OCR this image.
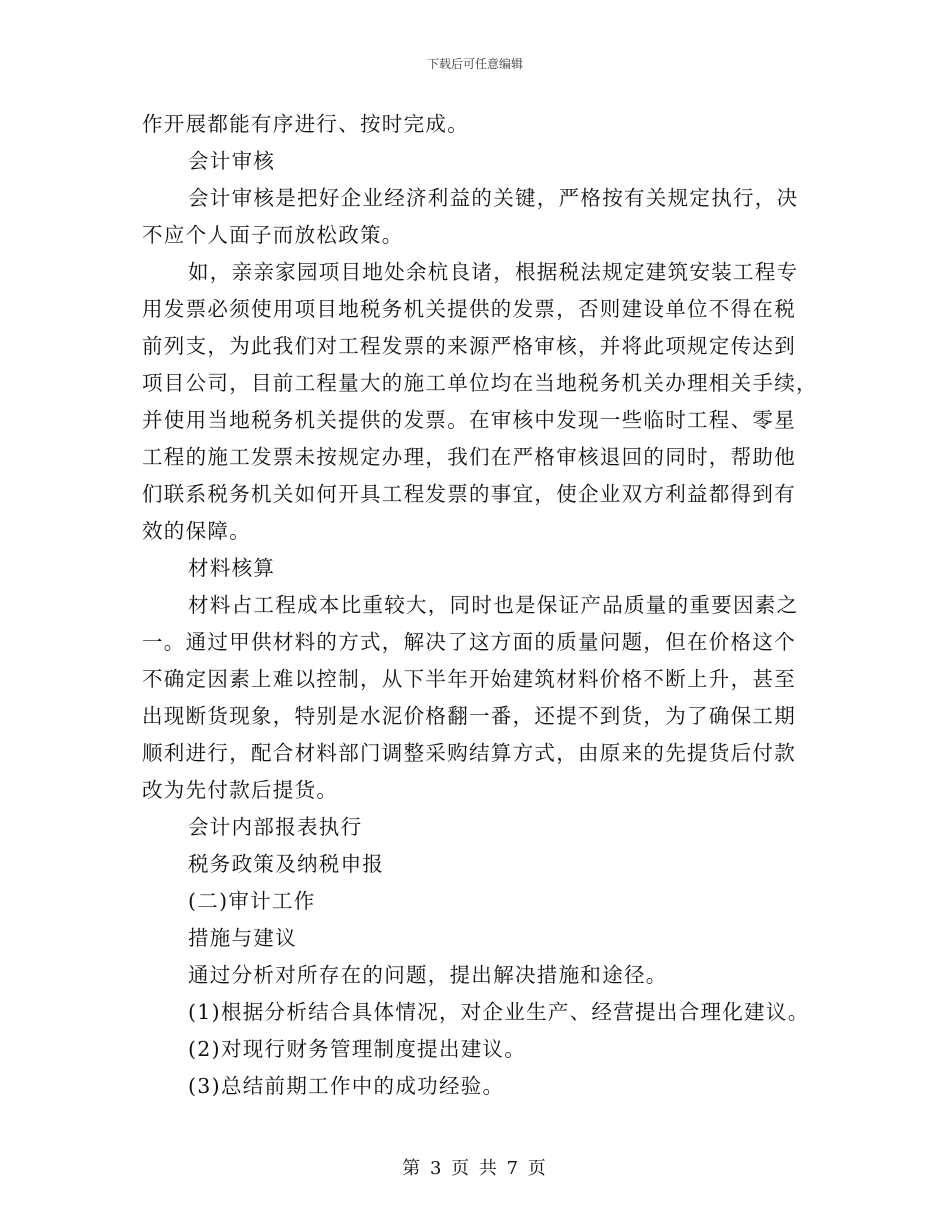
下载后可任意编辑
作开展都能有序进行、按时完成。
会计审核
会计审核是把好企业经济利益的关键，严格按有关规定执行，决
不应个人面子而放松政策。
如，亲亲家园项目地处余杭良诸，根据税法规定建筑安装工程专
用发票必须使用项目地税务机关提供的发票，否则建设单位不得在税
前列支，为此我们对工程发票的来源严格审核，并将此项规定传达到
项目公司，目前工程量大的施工单位均在当地税务机关办理相关手续，
并使用当地税务机关提供的发票。在审核中发现一些临时工程、零星
工程的施工发票未按规定办理，我们在严格审核退回的同时，帮助他
们联系税务机关如何开具工程发票的事宜，使企业双方利益都得到有
效的保障。
材料核算
材料占工程成本比重较大，同时也是保证产品质量的重要因素之
一。通过甲供材料的方式，解决了这方面的质量问题，但在价格这个
不确定因素上难以控制，从下半年开始建筑材料价格不断上升，甚至
出现断货现象，特别是水泥价格翻一番，还提不到货，为了确保工期
顺利进行，配合材料部门调整采购结算方式，由原来的先提货后付款
改为先付款后提货。
会计内部报表执行
税务政策及纳税申报
(二)审计工作
措施与建议
通过分析对所存在的问题，提出解决措施和途径。
(1)根据分析结合具体情况，对企业生产、经营提出合理化建议。
(2)对现行财务管理制度提出建议。
(3)总结前期工作中的成功经验。
第 3 页 共 7 页
